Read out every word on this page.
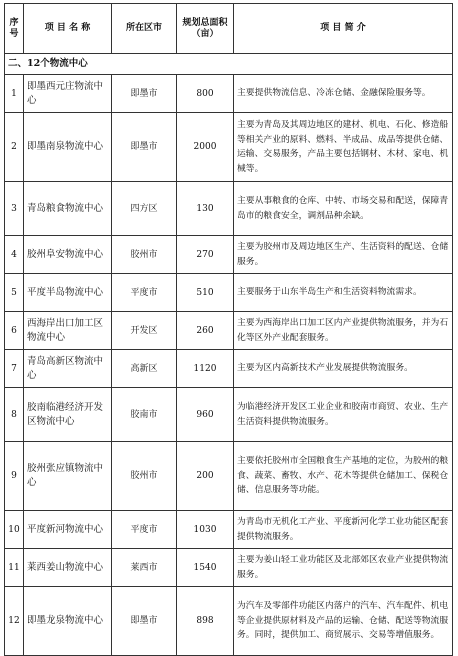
序号	项 目 名 称	所在区市	规划总面积（亩）	项 目 简 介
二、12个物流中心				
1	即墨西元庄物流中心	即墨市	800	主要提供物流信息、冷冻仓储、金融保险服务等。
2	即墨南泉物流中心	即墨市	2000	主要为青岛及其周边地区的建材、机电、石化、修造船等相关产业的原料、燃料、半成品、成品等提供仓储、运输、交易服务，产品主要包括钢材、木材、家电、机械等。
3	青岛粮食物流中心	四方区	130	主要从事粮食的仓库、中转、市场交易和配送，保障青岛市的粮食安全，调剂品种余缺。
4	胶州阜安物流中心	胶州市	270	主要为胶州市及周边地区生产、生活资料的配送、仓储服务。
5	平度半岛物流中心	平度市	510	主要服务于山东半岛生产和生活资料物流需求。
6	西海岸出口加工区物流中心	开发区	260	主要为西海岸出口加工区内产业提供物流服务，并为石化等区外产业配套服务。
7	青岛高新区物流中心	高新区	1120	主要为区内高新技术产业发展提供物流服务。
8	胶南临港经济开发区物流中心	胶南市	960	为临港经济开发区工业企业和胶南市商贸、农业、生产生活资料提供物流服务。
9	胶州张应镇物流中心	胶州市	200	主要依托胶州市全国粮食生产基地的定位，为胶州的粮食、蔬菜、畜牧、水产、花木等提供仓储加工、保税仓储、信息服务等功能。
10	平度新河物流中心	平度市	1030	为青岛市无机化工产业、平度新河化学工业功能区配套提供物流服务。
11	莱西姜山物流中心	莱西市	1540	主要为姜山轻工业功能区及北部郊区农业产业提供物流服务。
12	即墨龙泉物流中心	即墨市	898	为汽车及零部件功能区内落户的汽车、汽车配件、机电等企业提供原材料及产品的运输、仓储、配送等物流服务。同时，提供加工、商贸展示、交易等增值服务。
